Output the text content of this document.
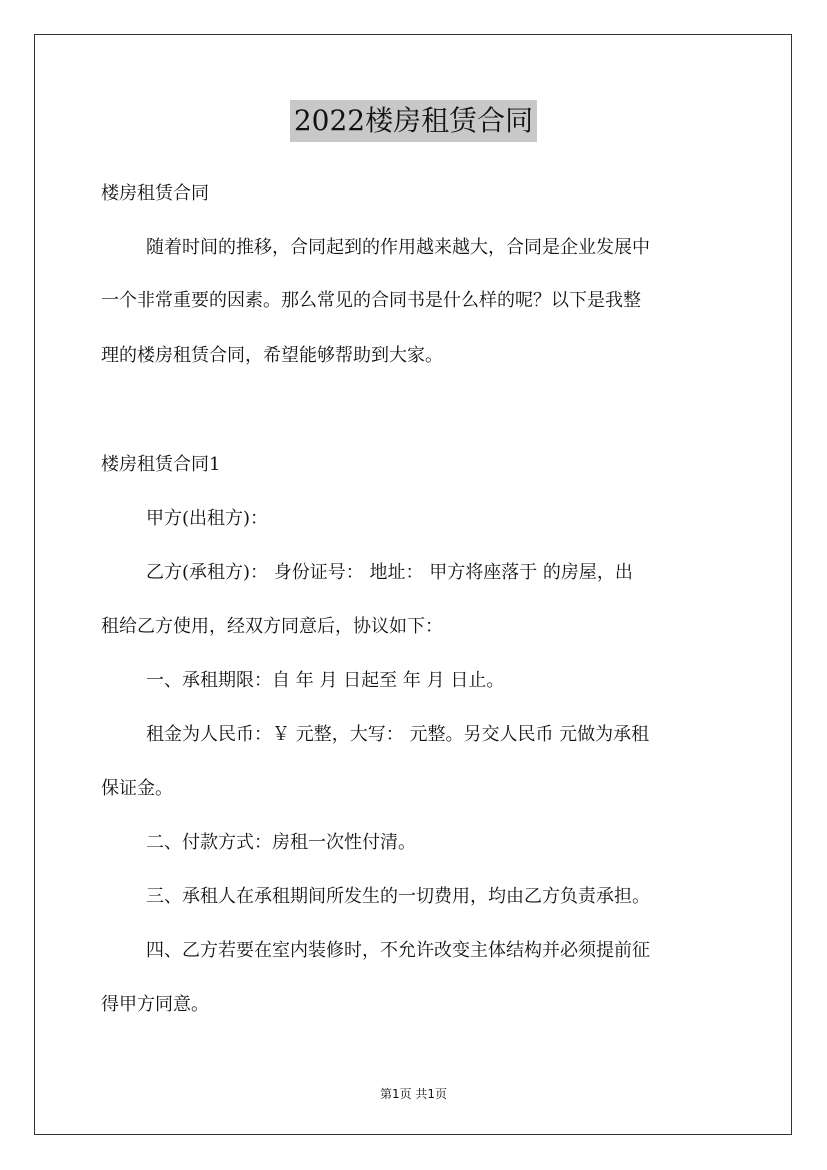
2022楼房租赁合同
楼房租赁合同
随着时间的推移，合同起到的作用越来越大，合同是企业发展中
一个非常重要的因素。那么常见的合同书是什么样的呢？以下是我整
理的楼房租赁合同，希望能够帮助到大家。
楼房租赁合同1
甲方(出租方)：
乙方(承租方)： 身份证号： 地址： 甲方将座落于 的房屋，出
租给乙方使用，经双方同意后，协议如下：
一、承租期限：自 年 月 日起至 年 月 日止。
租金为人民币：￥ 元整，大写： 元整。另交人民币 元做为承租
保证金。
二、付款方式：房租一次性付清。
三、承租人在承租期间所发生的一切费用，均由乙方负责承担。
四、乙方若要在室内装修时，不允许改变主体结构并必须提前征
得甲方同意。
第1页 共1页
